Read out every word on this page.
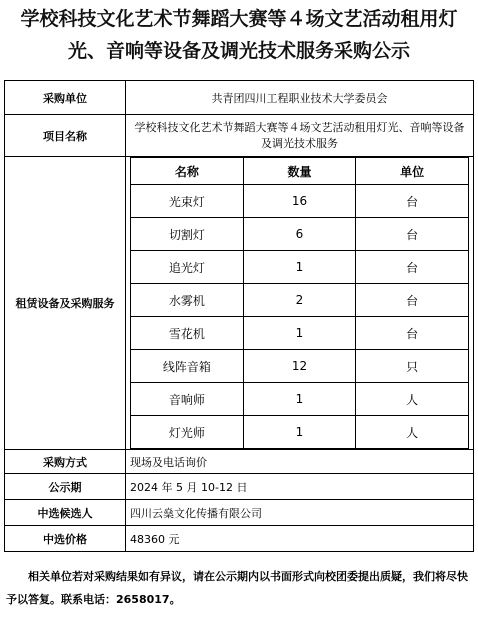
学校科技文化艺术节舞蹈大赛等４场文艺活动租用灯
光、音响等设备及调光技术服务采购公示
采购单位	共青团四川工程职业技术大学委员会
项目名称	学校科技文化艺术节舞蹈大赛等４场文艺活动租用灯光、音响等设备及调光技术服务
租赁设备及采购服务	
名称	数量	单位
光束灯	16	台
切割灯	6	台
追光灯	1	台
水雾机	2	台
雪花机	1	台
线阵音箱	12	只
音响师	1	人
灯光师	1	人

采购方式	现场及电话询价
公示期	2024 年 5 月 10-12 日
中选候选人	四川云燊文化传播有限公司
中选价格	48360 元
相关单位若对采购结果如有异议，请在公示期内以书面形式向校团委提出质疑，我们将尽快予以答复。联系电话：2658017。
